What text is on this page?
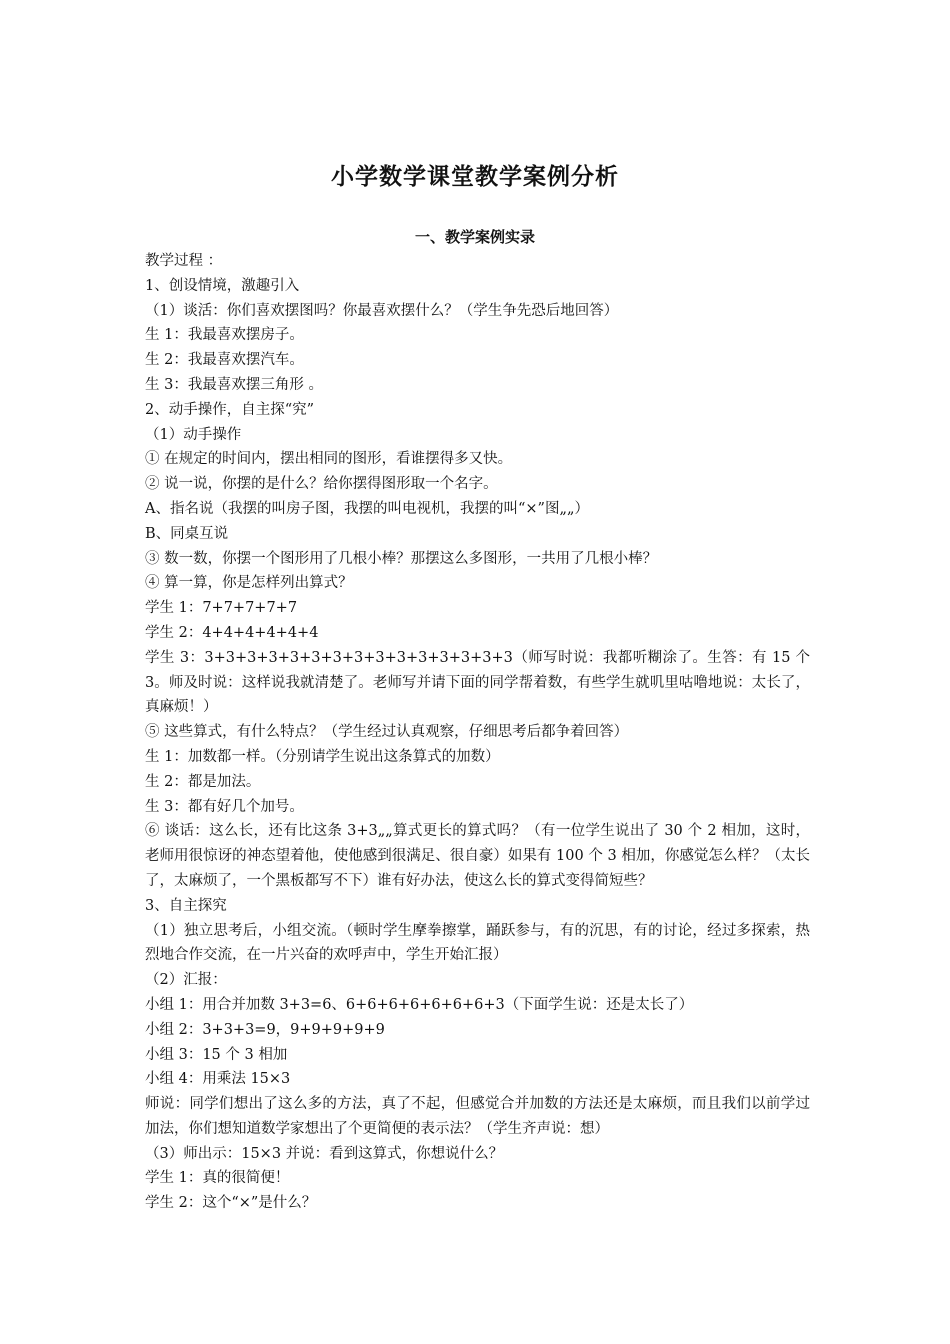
小学数学课堂教学案例分析
一、教学案例实录

教学过程 ：

1、创设情境，激趣引入

（1）谈活：你们喜欢摆图吗？你最喜欢摆什么？（学生争先恐后地回答）

生 1：我最喜欢摆房子。

生 2：我最喜欢摆汽车。

生 3：我最喜欢摆三角形 。

2、动手操作，自主探“究”

（1）动手操作

① 在规定的时间内，摆出相同的图形，看谁摆得多又快。

② 说一说，你摆的是什么？给你摆得图形取一个名字。

A、指名说（我摆的叫房子图，我摆的叫电视机，我摆的叫“×”图„„）

B、同桌互说

③ 数一数，你摆一个图形用了几根小棒？那摆这么多图形，一共用了几根小棒？

④ 算一算，你是怎样列出算式？

学生 1：7+7+7+7+7

学生 2：4+4+4+4+4+4

学生 3：3+3+3+3+3+3+3+3+3+3+3+3+3+3+3（师写时说：我都听糊涂了。生答：有 15 个 3。师及时说：这样说我就清楚了。老师写并请下面的同学帮着数，有些学生就叽里咕噜地说：太长了，真麻烦！）

⑤ 这些算式，有什么特点？（学生经过认真观察，仔细思考后都争着回答）

生 1：加数都一样。（分别请学生说出这条算式的加数）

生 2：都是加法。

生 3：都有好几个加号。

⑥ 谈话：这么长，还有比这条 3+3„„算式更长的算式吗？（有一位学生说出了 30 个 2 相加，这时，老师用很惊讶的神态望着他，使他感到很满足、很自豪）如果有 100 个 3 相加，你感觉怎么样？（太长了，太麻烦了，一个黑板都写不下）谁有好办法，使这么长的算式变得简短些？

3、自主探究

（1）独立思考后，小组交流。（顿时学生摩拳擦掌，踊跃参与，有的沉思，有的讨论，经过多探索，热烈地合作交流，在一片兴奋的欢呼声中，学生开始汇报）

（2）汇报：

小组 1：用合并加数 3+3=6、6+6+6+6+6+6+6+3（下面学生说：还是太长了）

小组 2：3+3+3=9，9+9+9+9+9

小组 3：15 个 3 相加

小组 4：用乘法 15×3

师说：同学们想出了这么多的方法，真了不起，但感觉合并加数的方法还是太麻烦，而且我们以前学过加法，你们想知道数学家想出了个更简便的表示法？（学生齐声说：想）

（3）师出示：15×3 并说：看到这算式，你想说什么？

学生 1：真的很简便！

学生 2：这个“×”是什么？
